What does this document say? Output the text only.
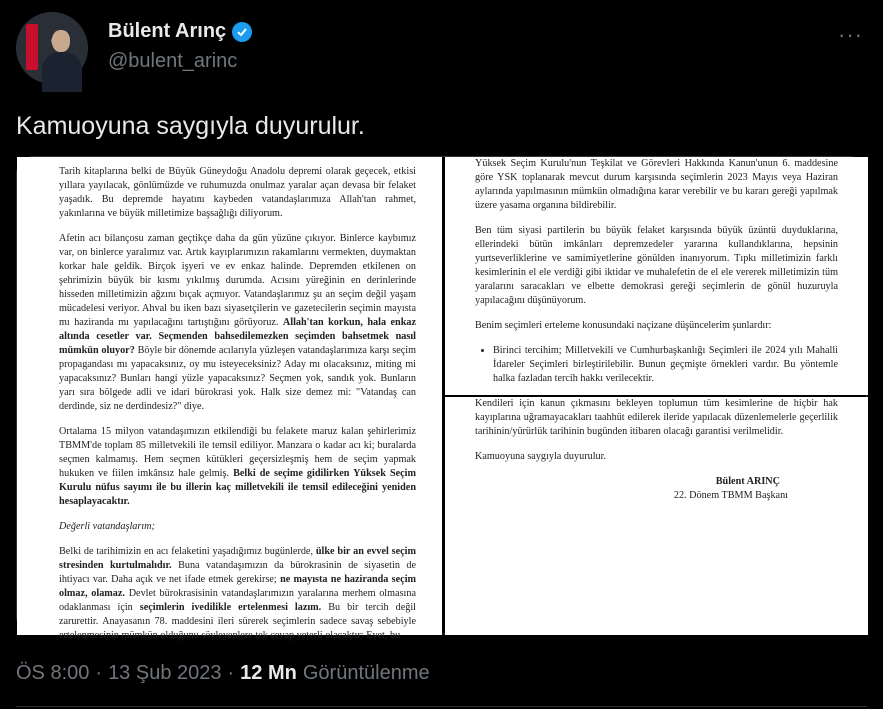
Bülent Arınç
@bulent_arinc
···
Kamuoyuna saygıyla duyurulur.

Tarih kitaplarına belki de Büyük Güneydoğu Anadolu depremi olarak geçecek, etkisi yıllara yayılacak, gönlümüzde ve ruhumuzda onulmaz yaralar açan devasa bir felaket yaşadık. Bu depremde hayatını kaybeden vatandaşlarımıza Allah'tan rahmet, yakınlarına ve büyük milletimize başsağlığı diliyorum.

Afetin acı bilançosu zaman geçtikçe daha da gün yüzüne çıkıyor. Binlerce kaybımız var, on binlerce yaralımız var. Artık kayıplarımızın rakamlarını vermekten, duymaktan korkar hale geldik. Birçok işyeri ve ev enkaz halinde. Depremden etkilenen on şehrimizin büyük bir kısmı yıkılmış durumda. Acısını yüreğinin en derinlerinde hisseden milletimizin ağzını bıçak açmıyor. Vatandaşlarımız şu an seçim değil yaşam mücadelesi veriyor. Ahval bu iken bazı siyasetçilerin ve gazetecilerin seçimin mayısta mı haziranda mı yapılacağını tartıştığını görüyoruz. Allah'tan korkun, hala enkaz altında cesetler var. Seçmenden bahsedilemezken seçimden bahsetmek nasıl mümkün oluyor? Böyle bir dönemde acılarıyla yüzleşen vatandaşlarımıza karşı seçim propagandası mı yapacaksınız, oy mu isteyeceksiniz? Aday mı olacaksınız, miting mi yapacaksınız? Bunları hangi yüzle yapacaksınız? Seçmen yok, sandık yok. Bunların yarı sıra bölgede adli ve idari bürokrasi yok. Halk size demez mi: "Vatandaş can derdinde, siz ne derdindesiz?" diye.

Ortalama 15 milyon vatandaşımızın etkilendiği bu felakete maruz kalan şehirlerimiz TBMM'de toplam 85 milletvekili ile temsil ediliyor. Manzara o kadar acı ki; buralarda seçmen kalmamış. Hem seçmen kütükleri geçersizleşmiş hem de seçim yapmak hukuken ve fiilen imkânsız hale gelmiş. Belki de seçime gidilirken Yüksek Seçim Kurulu nüfus sayımı ile bu illerin kaç milletvekili ile temsil edileceğini yeniden hesaplayacaktır.

Değerli vatandaşlarım;

Belki de tarihimizin en acı felaketini yaşadığımız bugünlerde, ülke bir an evvel seçim stresinden kurtulmalıdır. Buna vatandaşımızın da bürokrasinin de siyasetin de ihtiyacı var. Daha açık ve net ifade etmek gerekirse; ne mayısta ne haziranda seçim olmaz, olamaz. Devlet bürokrasisinin vatandaşlarımızın yaralarına merhem olmasına odaklanması için seçimlerin ivedilikle ertelenmesi lazım. Bu bir tercih değil zarurettir. Anayasanın 78. maddesini ileri sürerek seçimlerin sadece savaş sebebiyle ertelenmesinin mümkün olduğunu söyleyenlere tek cevap yeterli olacaktır: Evet, bu

Yüksek Seçim Kurulu'nun Teşkilat ve Görevleri Hakkında Kanun'unun 6. maddesine göre YSK toplanarak mevcut durum karşısında seçimlerin 2023 Mayıs veya Haziran aylarında yapılmasının mümkün olmadığına karar verebilir ve bu kararı gereği yapılmak üzere yasama organına bildirebilir.

Ben tüm siyasi partilerin bu büyük felaket karşısında büyük üzüntü duyduklarına, ellerindeki bütün imkânları depremzedeler yararına kullandıklarına, hepsinin yurtseverliklerine ve samimiyetlerine gönülden inanıyorum. Tıpkı milletimizin farklı kesimlerinin el ele verdiği gibi iktidar ve muhalefetin de el ele vererek milletimizin tüm yaralarını saracakları ve elbette demokrasi gereği seçimlerin de gönül huzuruyla yapılacağını düşünüyorum.

Benim seçimleri erteleme konusundaki naçizane düşüncelerim şunlardır:

• Birinci tercihim; Milletvekili ve Cumhurbaşkanlığı Seçimleri ile 2024 yılı Mahalli İdareler Seçimleri birleştirilebilir. Bunun geçmişte örnekleri vardır. Bu yöntemle halka fazladan tercih hakkı verilecektir.

Kendileri için kanun çıkmasını bekleyen toplumun tüm kesimlerine de hiçbir hak kayıplarına uğramayacakları taahhüt edilerek ileride yapılacak düzenlemelerle geçerlilik tarihinin/yürürlük tarihinin bugünden itibaren olacağı garantisi verilmelidir.

Kamuoyuna saygıyla duyurulur.

Bülent ARINÇ
22. Dönem TBMM Başkanı

ÖS 8:00 · 13 Şub 2023 · 12 Mn Görüntülenme
